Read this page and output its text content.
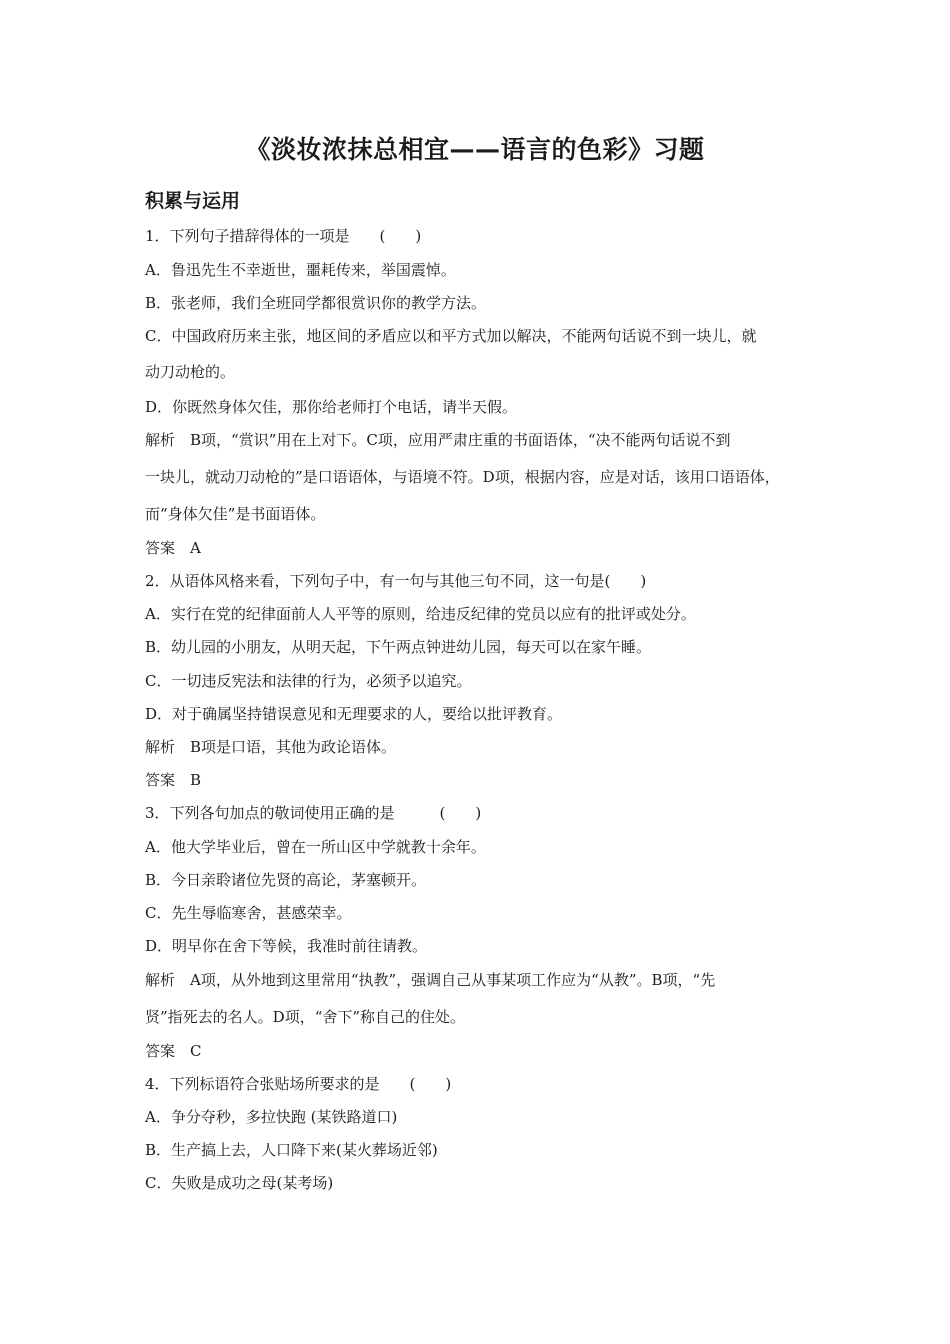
《淡妆浓抹总相宜——语言的色彩》习题
积累与运用
1．下列句子措辞得体的一项是　　(　　)
A．鲁迅先生不幸逝世，噩耗传来，举国震悼。
B．张老师，我们全班同学都很赏识你的教学方法。
C．中国政府历来主张，地区间的矛盾应以和平方式加以解决，不能两句话说不到一块儿，就
动刀动枪的。
D．你既然身体欠佳，那你给老师打个电话，请半天假。
解析　B项，“赏识”用在上对下。C项，应用严肃庄重的书面语体，“决不能两句话说不到
一块儿，就动刀动枪的”是口语语体，与语境不符。D项，根据内容，应是对话，该用口语语体，
而“身体欠佳”是书面语体。
答案　A
2．从语体风格来看，下列句子中，有一句与其他三句不同，这一句是(　　)
A．实行在党的纪律面前人人平等的原则，给违反纪律的党员以应有的批评或处分。
B．幼儿园的小朋友，从明天起，下午两点钟进幼儿园，每天可以在家午睡。
C．一切违反宪法和法律的行为，必须予以追究。
D．对于确属坚持错误意见和无理要求的人，要给以批评教育。
解析　B项是口语，其他为政论语体。
答案　B
3．下列各句加点的敬词使用正确的是　　　(　　)
A．他大学毕业后，曾在一所山区中学就教十余年。
B．今日亲聆诸位先贤的高论，茅塞顿开。
C．先生辱临寒舍，甚感荣幸。
D．明早你在舍下等候，我准时前往请教。
解析　A项，从外地到这里常用“执教”，强调自己从事某项工作应为“从教”。B项，“先
贤”指死去的名人。D项，“舍下”称自己的住处。
答案　C
4．下列标语符合张贴场所要求的是　　(　　)
A．争分夺秒，多拉快跑 (某铁路道口)
B．生产搞上去，人口降下来(某火葬场近邻)
C．失败是成功之母(某考场)
